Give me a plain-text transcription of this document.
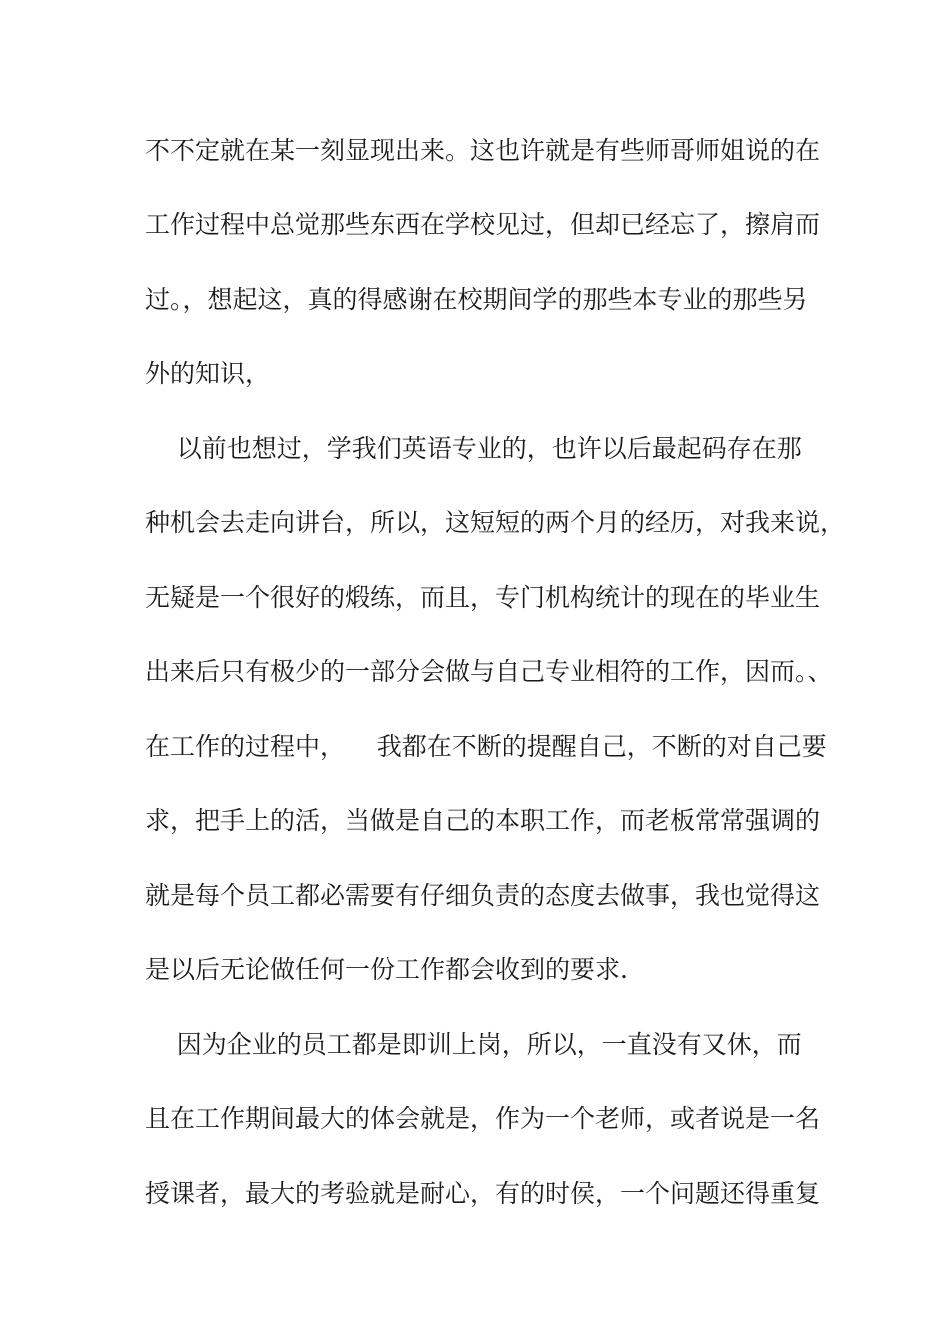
不不定就在某一刻显现出来。这也许就是有些师哥师姐说的在
工作过程中总觉那些东西在学校见过，但却已经忘了，擦肩而
过。，想起这，真的得感谢在校期间学的那些本专业的那些另
外的知识，
以前也想过，学我们英语专业的，也许以后最起码存在那
种机会去走向讲台，所以，这短短的两个月的经历，对我来说，
无疑是一个很好的煅练，而且，专门机构统计的现在的毕业生
出来后只有极少的一部分会做与自己专业相符的工作，因而。、
在工作的过程中，    我都在不断的提醒自己，不断的对自己要
求，把手上的活，当做是自己的本职工作，而老板常常强调的
就是每个员工都必需要有仔细负责的态度去做事，我也觉得这
是以后无论做任何一份工作都会收到的要求.
因为企业的员工都是即训上岗，所以，一直没有又休，而
且在工作期间最大的体会就是，作为一个老师，或者说是一名
授课者，最大的考验就是耐心，有的时侯，一个问题还得重复
